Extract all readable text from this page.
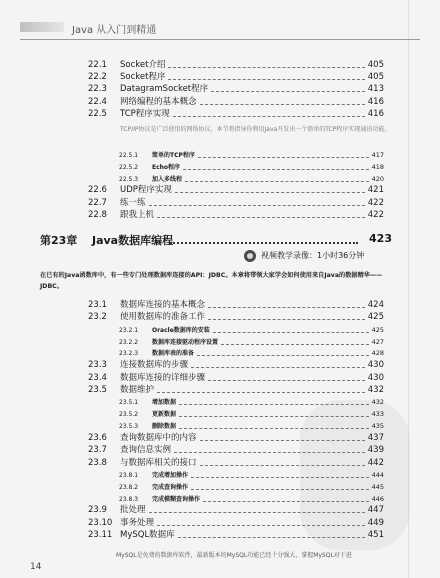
Java 从入门到精通
22.1 Socket介绍	405
22.2 Socket程序	405
22.3 DatagramSocket程序	413
22.4 网络编程的基本概念	416
22.5 TCP程序实现	416
TCP/IP协议是广泛使用的网络协议，本节将指导你利用Java开发出一个简单的TCP程序实现通讯功能。
22.5.1 简单的TCP程序	417
22.5.2 Echo程序	418
22.5.3 加入多线程	420
22.6 UDP程序实现	421
22.7 练一练	422
22.8 跟我上机	422
第23章 Java数据库编程	423
视频教学录像：1小时36分钟
在已有的Java函数库中，有一些专门处理数据库连接的API：JDBC。本章将带领大家学会如何使用来自Java的数据精华——JDBC。
23.1 数据库连接的基本概念	424
23.2 使用数据库的准备工作	425
23.2.1 Oracle数据库的安装	425
23.2.2 数据库连接驱动程序设置	427
23.2.3 数据库表的准备	428
23.3 连接数据库的步骤	430
23.4 数据库连接的详细步骤	430
23.5 数据维护	432
23.5.1 增加数据	432
23.5.2 更新数据	433
23.5.3 删除数据	435
23.6 查询数据库中的内容	437
23.7 查询信息实例	439
23.8 与数据库相关的接口	442
23.8.1 完成增加操作	444
23.8.2 完成查询操作	445
23.8.3 完成模糊查询操作	446
23.9 批处理	447
23.10 事务处理	449
23.11 MySQL数据库	451
MySQL是免费的数据库软件，最新版本的MySQL功能已经十分强大，掌握MySQL对于进
14
